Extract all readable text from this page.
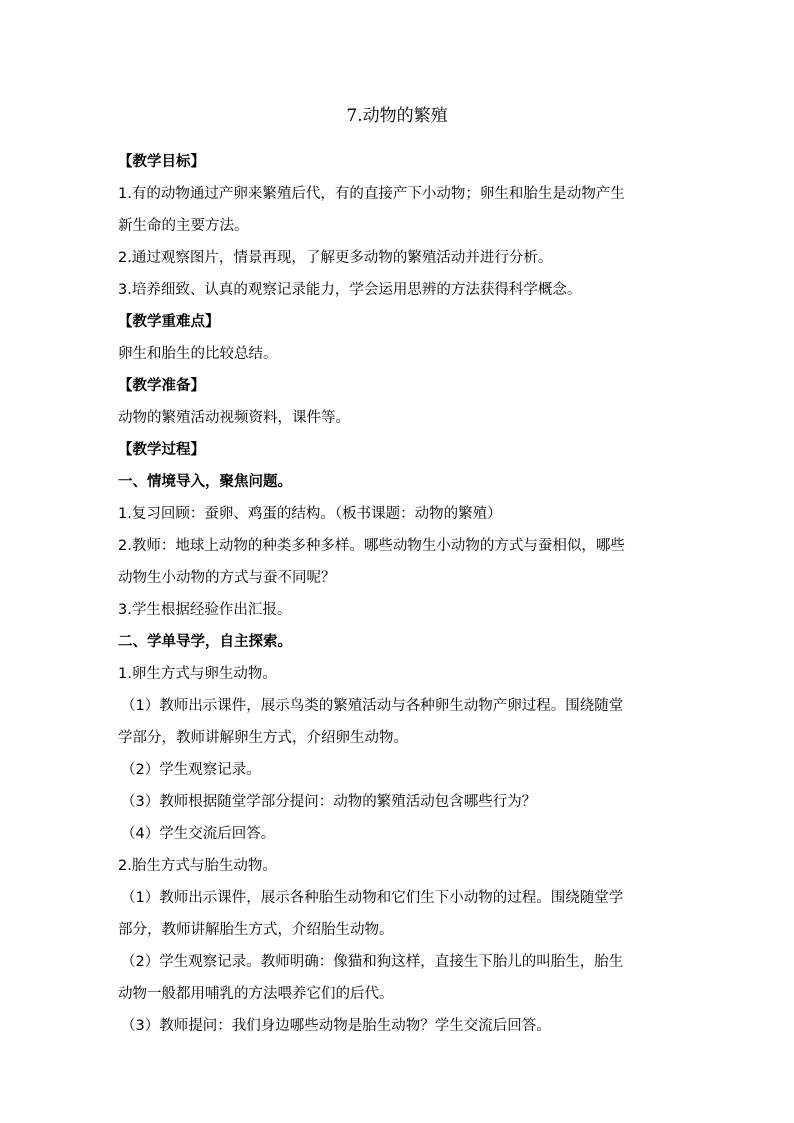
7.动物的繁殖
【教学目标】
1.有的动物通过产卵来繁殖后代，有的直接产下小动物；卵生和胎生是动物产生
新生命的主要方法。
2.通过观察图片，情景再现，了解更多动物的繁殖活动并进行分析。
3.培养细致、认真的观察记录能力，学会运用思辨的方法获得科学概念。
【教学重难点】
卵生和胎生的比较总结。
【教学准备】
动物的繁殖活动视频资料，课件等。
【教学过程】
一、情境导入，聚焦问题。
1.复习回顾：蚕卵、鸡蛋的结构。（板书课题：动物的繁殖）
2.教师：地球上动物的种类多种多样。哪些动物生小动物的方式与蚕相似，哪些
动物生小动物的方式与蚕不同呢？
3.学生根据经验作出汇报。
二、学单导学，自主探索。
1.卵生方式与卵生动物。
（1）教师出示课件，展示鸟类的繁殖活动与各种卵生动物产卵过程。围绕随堂
学部分，教师讲解卵生方式，介绍卵生动物。
（2）学生观察记录。
（3）教师根据随堂学部分提问：动物的繁殖活动包含哪些行为？
（4）学生交流后回答。
2.胎生方式与胎生动物。
（1）教师出示课件，展示各种胎生动物和它们生下小动物的过程。围绕随堂学
部分，教师讲解胎生方式，介绍胎生动物。
（2）学生观察记录。教师明确：像猫和狗这样，直接生下胎儿的叫胎生，胎生
动物一般都用哺乳的方法喂养它们的后代。
（3）教师提问：我们身边哪些动物是胎生动物？学生交流后回答。
